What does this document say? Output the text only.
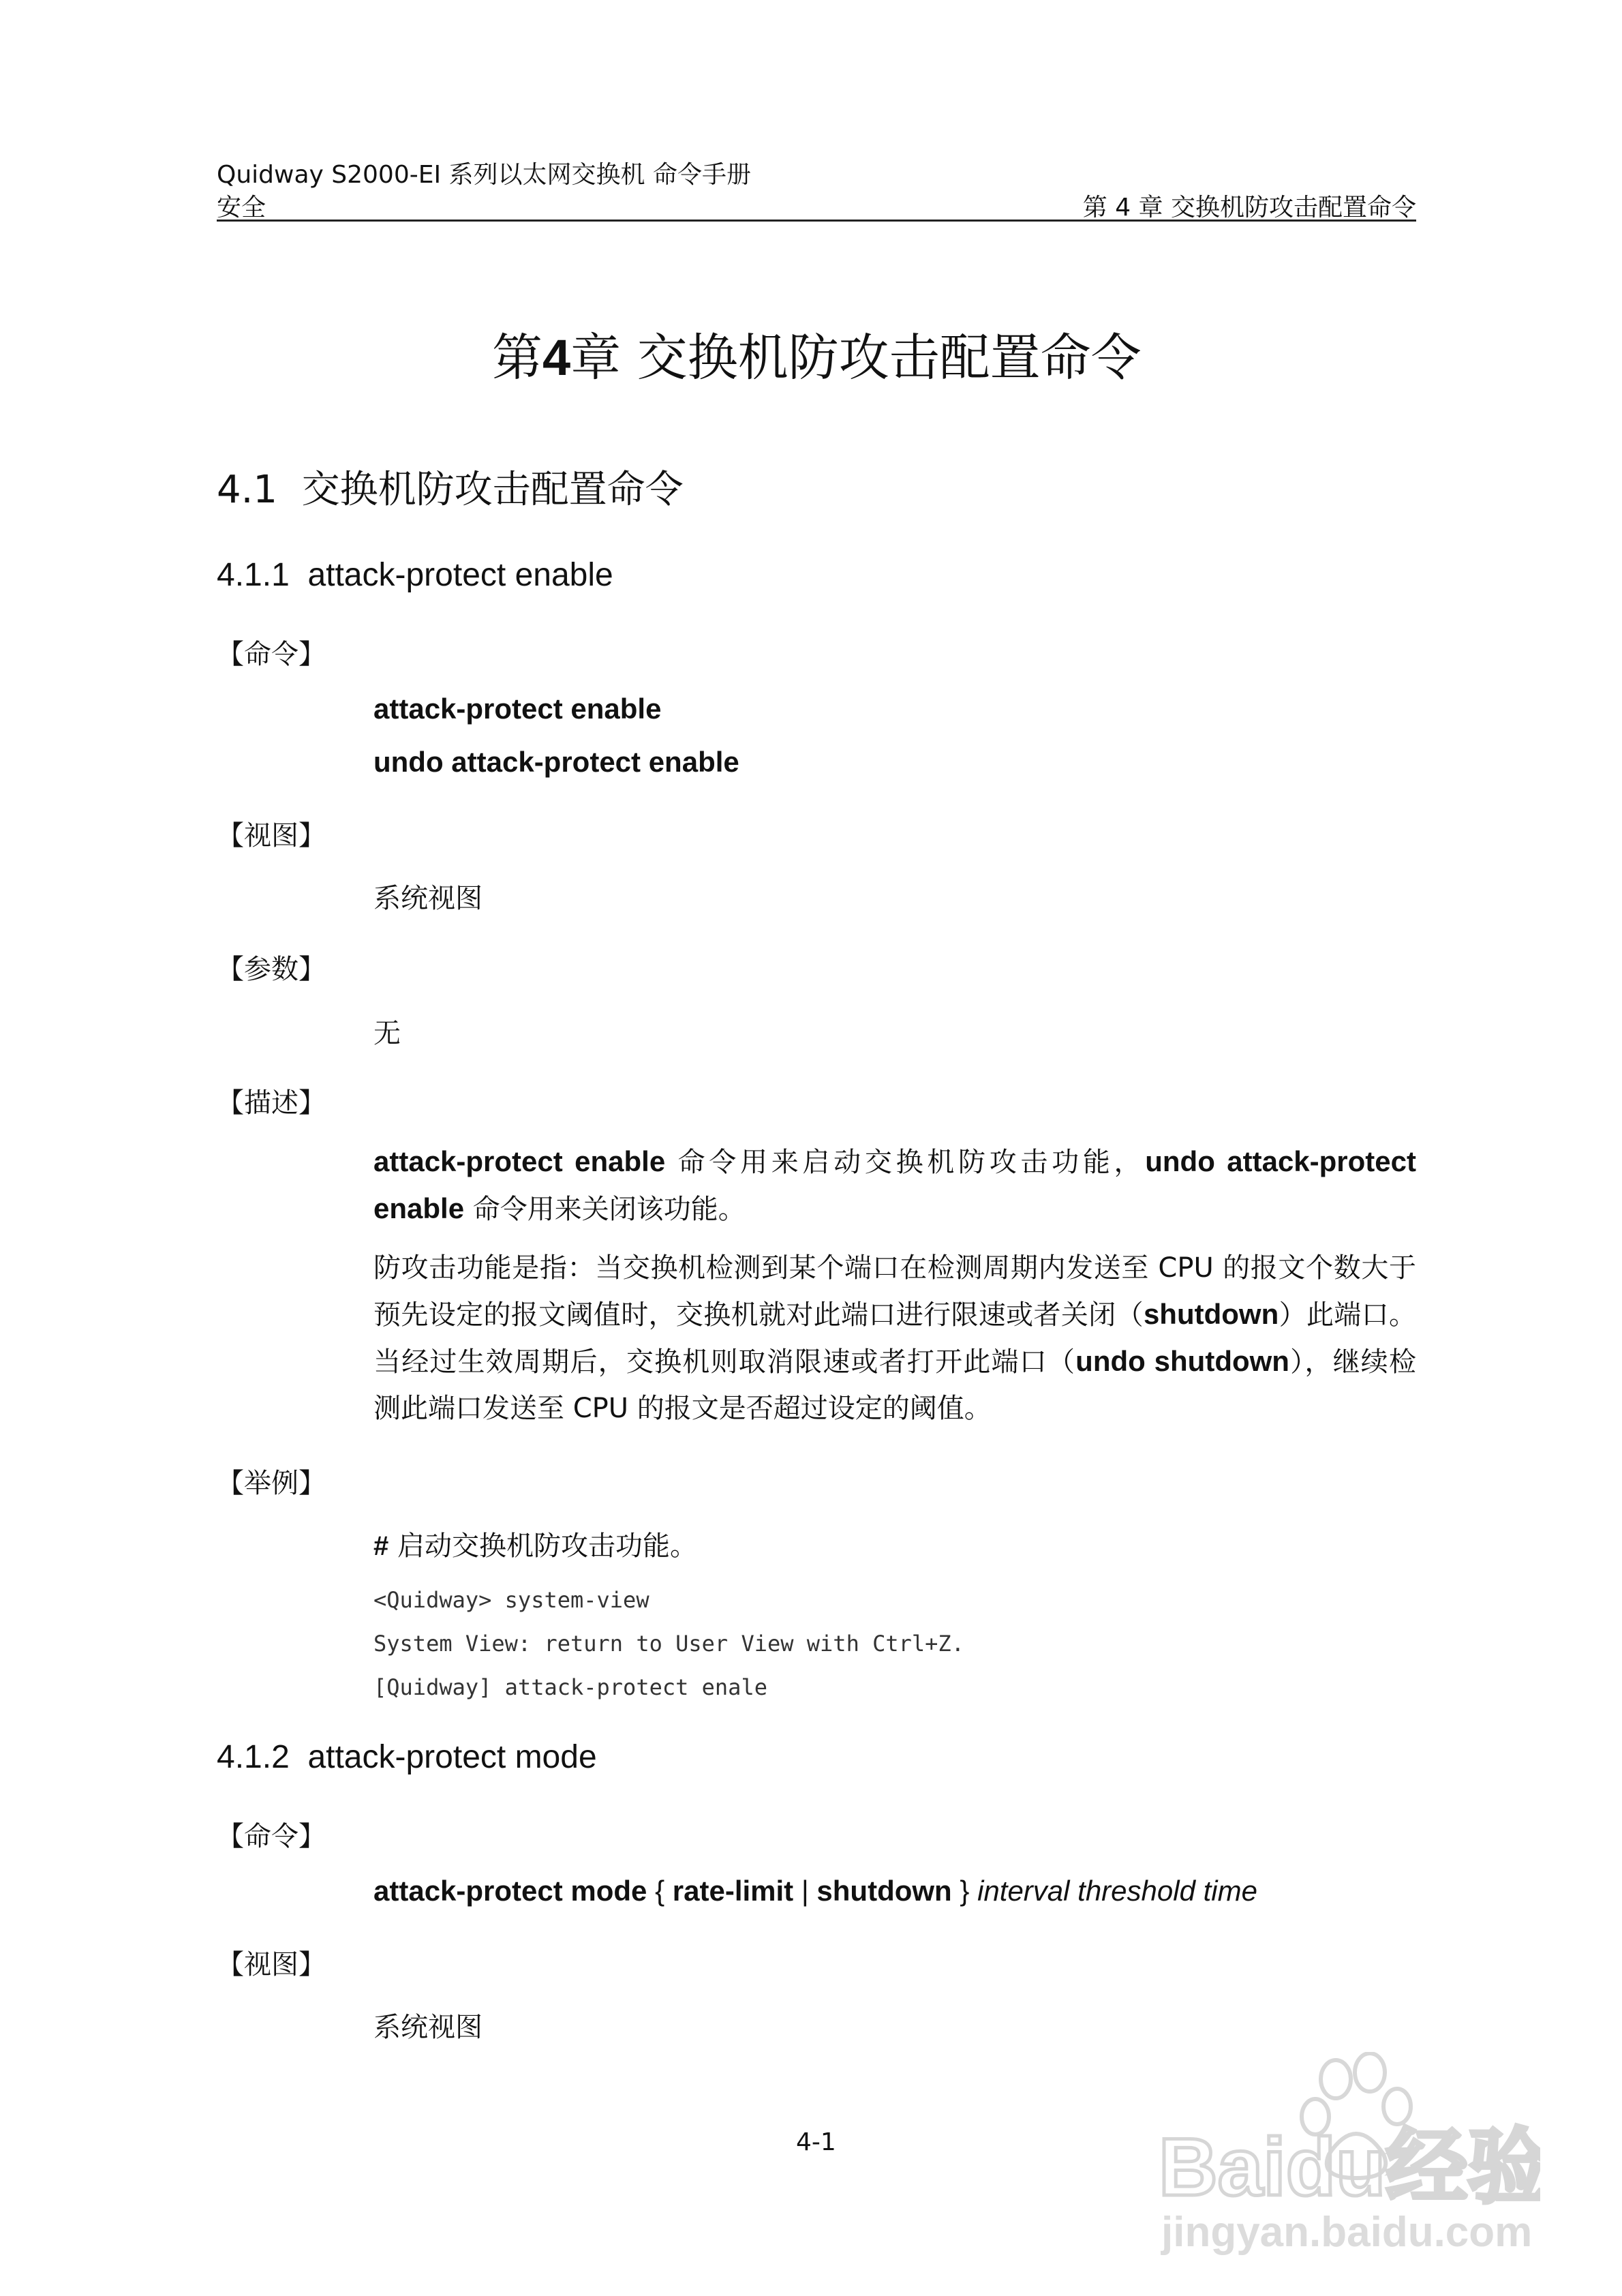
Quidway S2000-EI 系列以太网交换机 命令手册
安全	第 4 章 交换机防攻击配置命令
第4章 交换机防攻击配置命令
4.1 交换机防攻击配置命令
4.1.1 attack-protect enable
【命令】
attack-protect enable
undo attack-protect enable
【视图】
系统视图
【参数】
无
【描述】
attack-protect enable 命令用来启动交换机防攻击功能，undo attack-protect enable 命令用来关闭该功能。
防攻击功能是指：当交换机检测到某个端口在检测周期内发送至 CPU 的报文个数大于预先设定的报文阈值时，交换机就对此端口进行限速或者关闭（shutdown）此端口。当经过生效周期后，交换机则取消限速或者打开此端口（undo shutdown），继续检测此端口发送至 CPU 的报文是否超过设定的阈值。
【举例】
# 启动交换机防攻击功能。
<Quidway> system-view
System View: return to User View with Ctrl+Z.
[Quidway] attack-protect enale
4.1.2 attack-protect mode
【命令】
attack-protect mode { rate-limit | shutdown } interval threshold time
【视图】
系统视图
4-1	Baidu经验
jingyan.baidu.com
